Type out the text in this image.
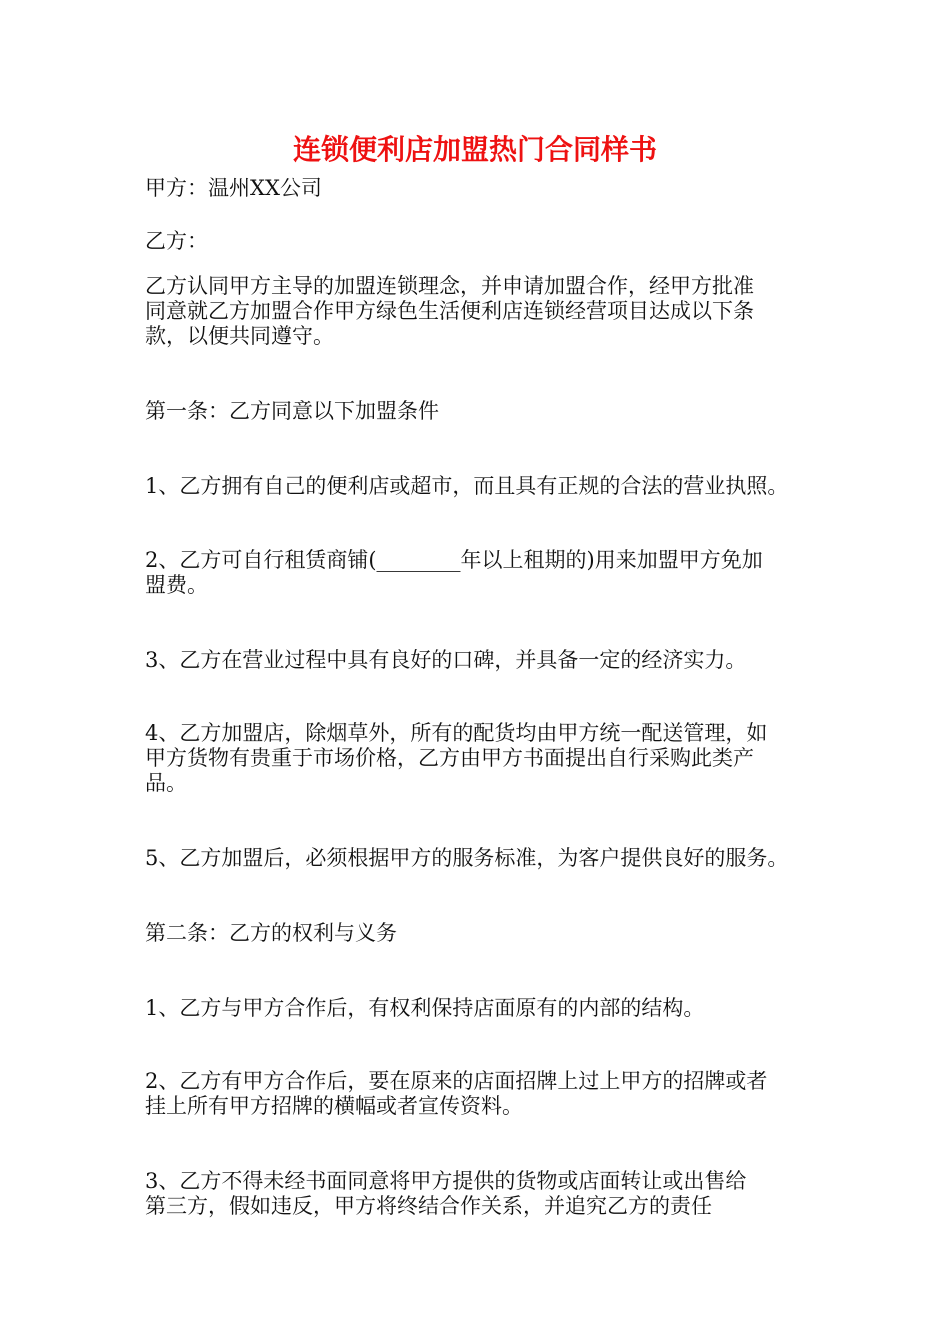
连锁便利店加盟热门合同样书

甲方：温州XX公司

乙方：

乙方认同甲方主导的加盟连锁理念，并申请加盟合作，经甲方批准

同意就乙方加盟合作甲方绿色生活便利店连锁经营项目达成以下条

款，以便共同遵守。

第一条：乙方同意以下加盟条件

1、乙方拥有自己的便利店或超市，而且具有正规的合法的营业执照。

2、乙方可自行租赁商铺(________年以上租期的)用来加盟甲方免加

盟费。

3、乙方在营业过程中具有良好的口碑，并具备一定的经济实力。

4、乙方加盟店，除烟草外，所有的配货均由甲方统一配送管理，如

甲方货物有贵重于市场价格，乙方由甲方书面提出自行采购此类产

品。

5、乙方加盟后，必须根据甲方的服务标准，为客户提供良好的服务。

第二条：乙方的权利与义务

1、乙方与甲方合作后，有权利保持店面原有的内部的结构。

2、乙方有甲方合作后，要在原来的店面招牌上过上甲方的招牌或者

挂上所有甲方招牌的横幅或者宣传资料。

3、乙方不得未经书面同意将甲方提供的货物或店面转让或出售给

第三方，假如违反，甲方将终结合作关系，并追究乙方的责任
